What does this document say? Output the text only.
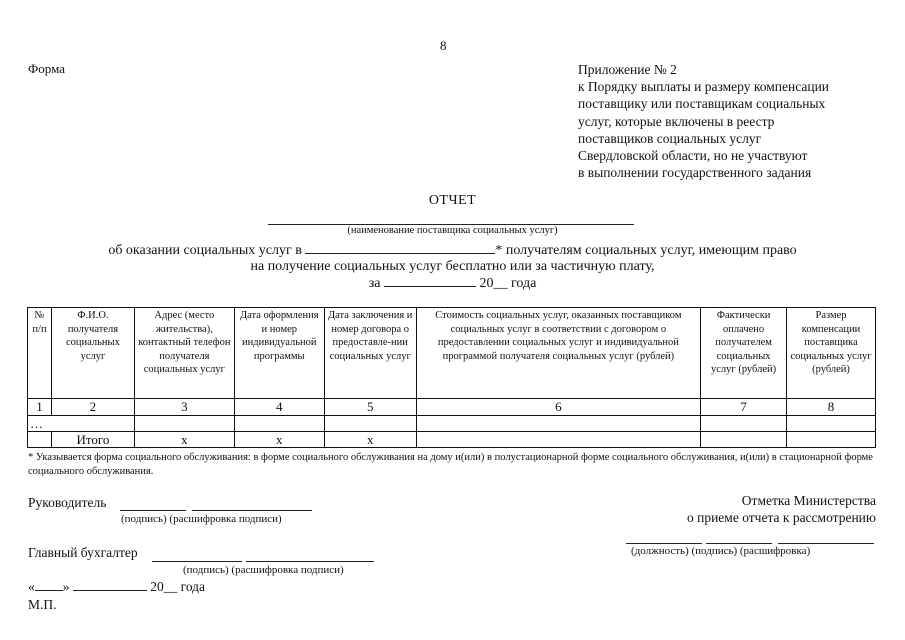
8
Форма	Приложение № 2
к Порядку выплаты и размеру компенсации
поставщику или поставщикам социальных
услуг, которые включены в реестр
поставщиков социальных услуг
Свердловской области, но не участвуют
в выполнении государственного задания
ОТЧЕТ
(наименование поставщика социальных услуг)
об оказании социальных услуг в	* получателям социальных услуг, имеющим право
на получение социальных услуг бесплатно или за частичную плату,
за	20__ года
№ п/п	Ф.И.О. получателя социальных услуг	Адрес (место жительства), контактный телефон получателя социальных услуг	Дата оформления и номер индивидуальной программы	Дата заключения и номер договора о предоставле-нии социальных услуг	Стоимость социальных услуг, оказанных поставщиком социальных услуг в соответствии с договором о предоставлении социальных услуг и индивидуальной программой получателя социальных услуг (рублей)	Фактически оплачено получателем социальных услуг (рублей)	Размер компенсации поставщика социальных услуг (рублей)
1	2	3	4	5	6	7	8
…							
	Итого	x	x	x			
* Указывается форма социального обслуживания: в форме социального обслуживания на дому и(или) в полустационарной форме социального обслуживания, и(или) в стационарной форме социального обслуживания.
Руководитель
(подпись) (расшифровка подписи)
Отметка Министерства
о приеме отчета к рассмотрению
(должность) (подпись) (расшифровка)
Главный бухгалтер
(подпись) (расшифровка подписи)
« »	20__ года
М.П.
